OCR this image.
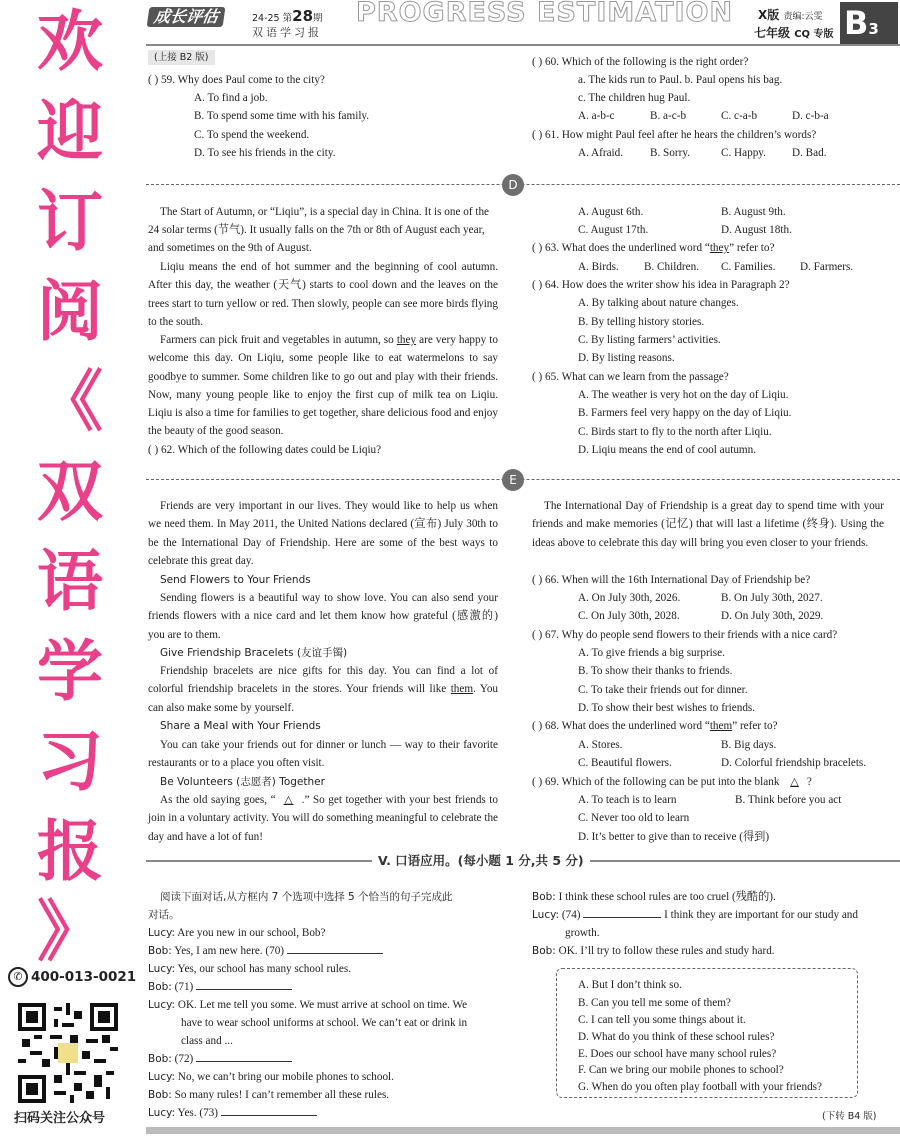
欢
迎
订
阅
《
双
语
学
习
报
》
✆ 400-013-0021
扫码关注公众号
成长评估	24-25 第28期
双语学习报
PROGRESS ESTIMATION X版 责编:云雯
七年级 CQ 专版 B3
(上接 B2 版)
( ) 59. Why does Paul come to the city?
A. To find a job.
B. To spend some time with his family.
C. To spend the weekend.
D. To see his friends in the city.
( ) 60. Which of the following is the right order?
a. The kids run to Paul. b. Paul opens his bag.
c. The children hug Paul.
A. a-b-c	B. a-c-b	C. c-a-b	D. c-b-a
( ) 61. How might Paul feel after he hears the children’s words?
A. Afraid. B. Sorry.	C. Happy. D. Bad.
D
The Start of Autumn, or “Liqiu”, is a special day in China. It is one of the
24 solar terms (节气). It usually falls on the 7th or 8th of August each year,
and sometimes on the 9th of August.
Liqiu means the end of hot summer and the beginning of cool autumn. After this day, the weather (天气) starts to cool down and the leaves on the trees start to turn yellow or red. Then slowly, people can see more birds flying to the south.
Farmers can pick fruit and vegetables in autumn, so they are very happy to welcome this day. On Liqiu, some people like to eat watermelons to say goodbye to summer. Some children like to go out and play with their friends. Now, many young people like to enjoy the first cup of milk tea on Liqiu. Liqiu is also a time for families to get together, share delicious food and enjoy the beauty of the good season.
( ) 62. Which of the following dates could be Liqiu?
A. August 6th.	B. August 9th.
C. August 17th.	D. August 18th.
( ) 63. What does the underlined word “they” refer to?
A. Birds. B. Children. C. Families. D. Farmers.
( ) 64. How does the writer show his idea in Paragraph 2?
A. By talking about nature changes.
B. By telling history stories.
C. By listing farmers’ activities.
D. By listing reasons.
( ) 65. What can we learn from the passage?
A. The weather is very hot on the day of Liqiu.
B. Farmers feel very happy on the day of Liqiu.
C. Birds start to fly to the north after Liqiu.
D. Liqiu means the end of cool autumn.
E
Friends are very important in our lives. They would like to help us when we need them. In May 2011, the United Nations declared (宣布) July 30th to be the International Day of Friendship. Here are some of the best ways to celebrate this great day.
Send Flowers to Your Friends
Sending flowers is a beautiful way to show love. You can also send your friends flowers with a nice card and let them know how grateful (感激的) you are to them.
Give Friendship Bracelets (友谊手镯)
Friendship bracelets are nice gifts for this day. You can find a lot of colorful friendship bracelets in the stores. Your friends will like them. You can also make some by yourself.
Share a Meal with Your Friends
You can take your friends out for dinner or lunch — way to their favorite restaurants or to a place you often visit.
Be Volunteers (志愿者) Together
As the old saying goes, “ △ .” So get together with your best friends to join in a voluntary activity. You will do something meaningful to celebrate the day and have a lot of fun!
The International Day of Friendship is a great day to spend time with your friends and make memories (记忆) that will last a lifetime (终身). Using the ideas above to celebrate this day will bring you even closer to your friends.
( ) 66. When will the 16th International Day of Friendship be?
A. On July 30th, 2026.	B. On July 30th, 2027.
C. On July 30th, 2028.	D. On July 30th, 2029.
( ) 67. Why do people send flowers to their friends with a nice card?
A. To give friends a big surprise.
B. To show their thanks to friends.
C. To take their friends out for dinner.
D. To show their best wishes to friends.
( ) 68. What does the underlined word “them” refer to?
A. Stores.	B. Big days.
C. Beautiful flowers.	D. Colorful friendship bracelets.
( ) 69. Which of the following can be put into the blank △ ?
A. To teach is to learn	B. Think before you act
C. Never too old to learn
D. It’s better to give than to receive (得到)
V. 口语应用。(每小题 1 分,共 5 分)
阅读下面对话,从方框内 7 个选项中选择 5 个恰当的句子完成此
对话。
Lucy: Are you new in our school, Bob?
Bob: Yes, I am new here. (70)
Lucy: Yes, our school has many school rules.
Bob: (71)
Lucy: OK. Let me tell you some. We must arrive at school on time. We
have to wear school uniforms at school. We can’t eat or drink in
class and ...
Bob: (72)
Lucy: No, we can’t bring our mobile phones to school.
Bob: So many rules! I can’t remember all these rules.
Lucy: Yes. (73)
Bob: I think these school rules are too cruel (残酷的).
Lucy: (74)	I think they are important for our study and
growth.
Bob: OK. I’ll try to follow these rules and study hard.
A. But I don’t think so.
B. Can you tell me some of them?
C. I can tell you some things about it.
D. What do you think of these school rules?
E. Does our school have many school rules?
F. Can we bring our mobile phones to school?
G. When do you often play football with your friends?
(下转 B4 版)
